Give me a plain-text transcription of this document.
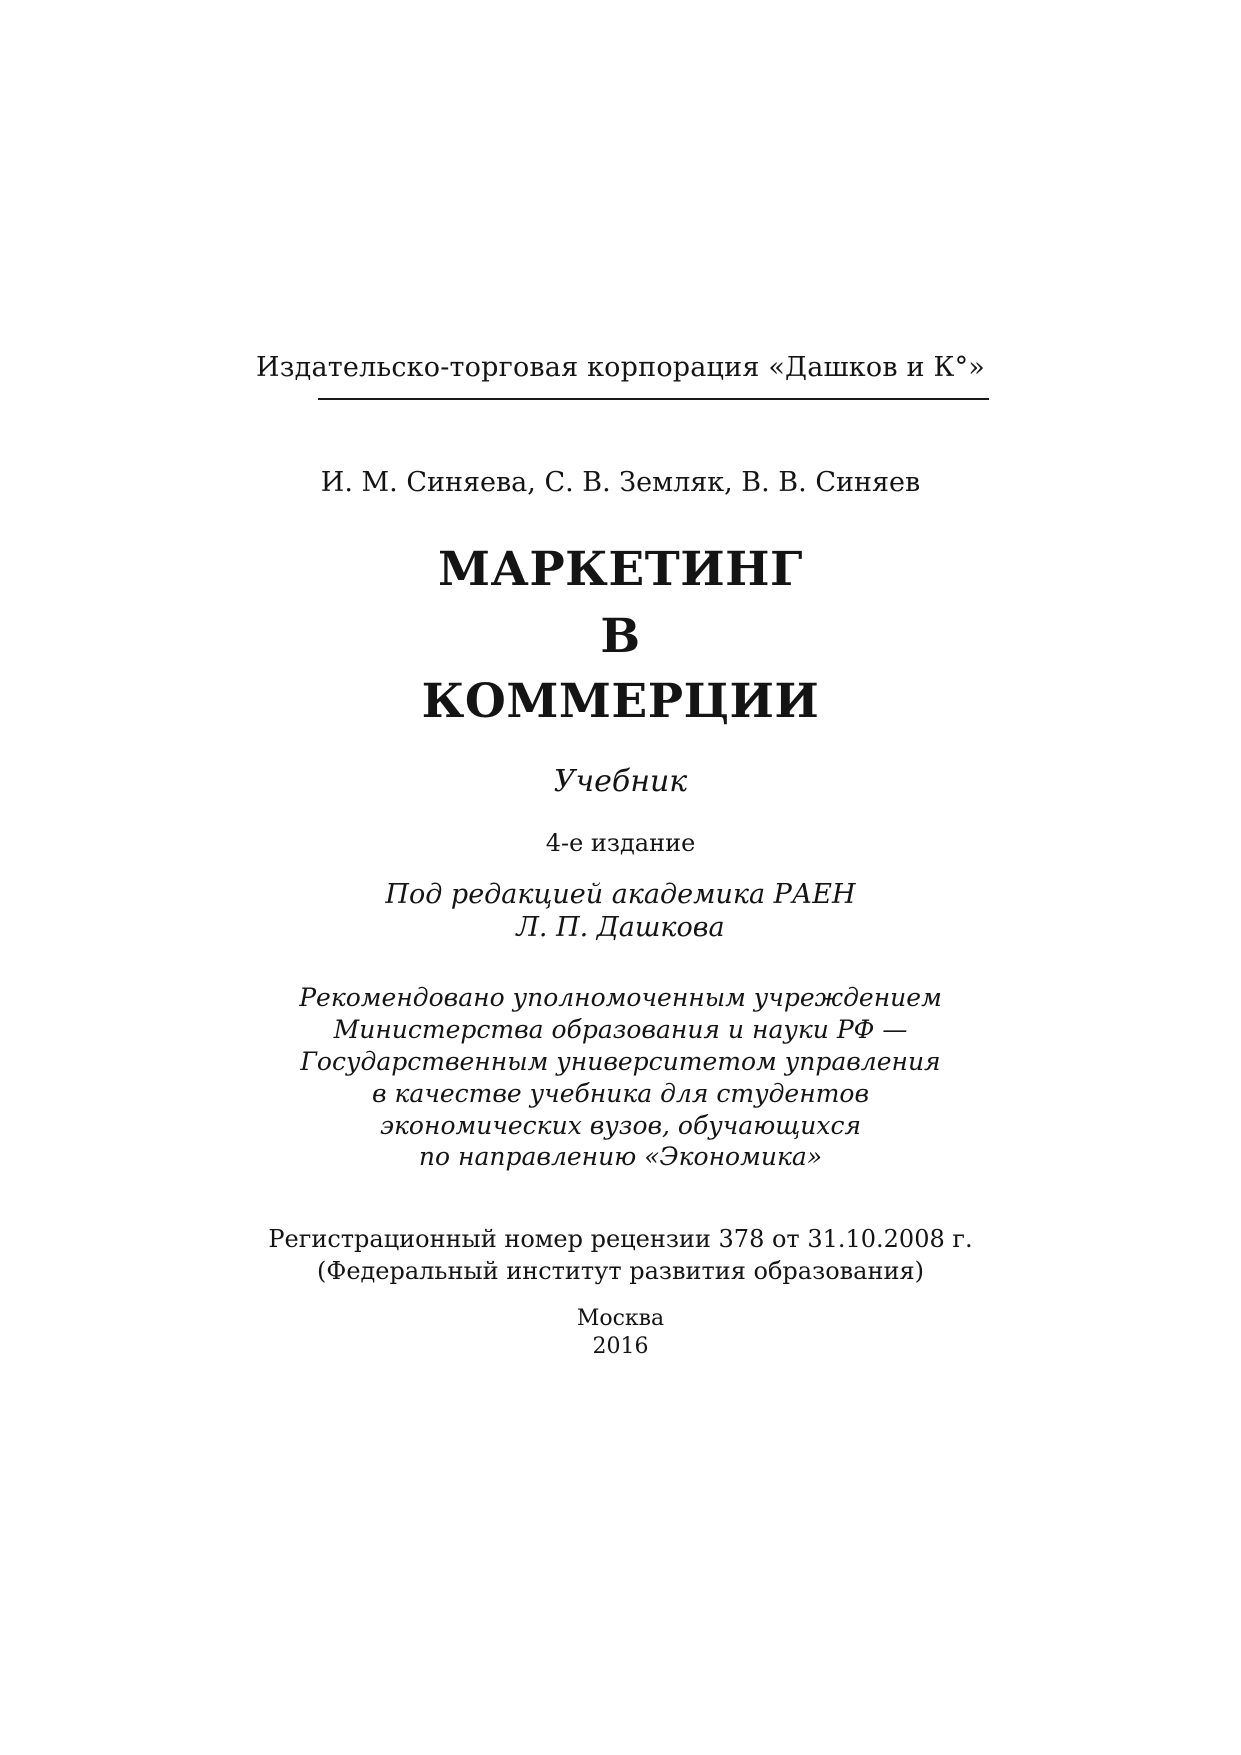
Издательско-торговая корпорация «Дашков и К°»
И. М. Синяева, С. В. Земляк, В. В. Синяев
МАРКЕТИНГ
В
КОММЕРЦИИ
Учебник
4-е издание
Под редакцией академика РАЕН
Л. П. Дашкова
Рекомендовано уполномоченным учреждением
Министерства образования и науки РФ —
Государственным университетом управления
в качестве учебника для студентов
экономических вузов, обучающихся
по направлению «Экономика»
Регистрационный номер рецензии 378 от 31.10.2008 г.
(Федеральный институт развития образования)
Москва
2016
